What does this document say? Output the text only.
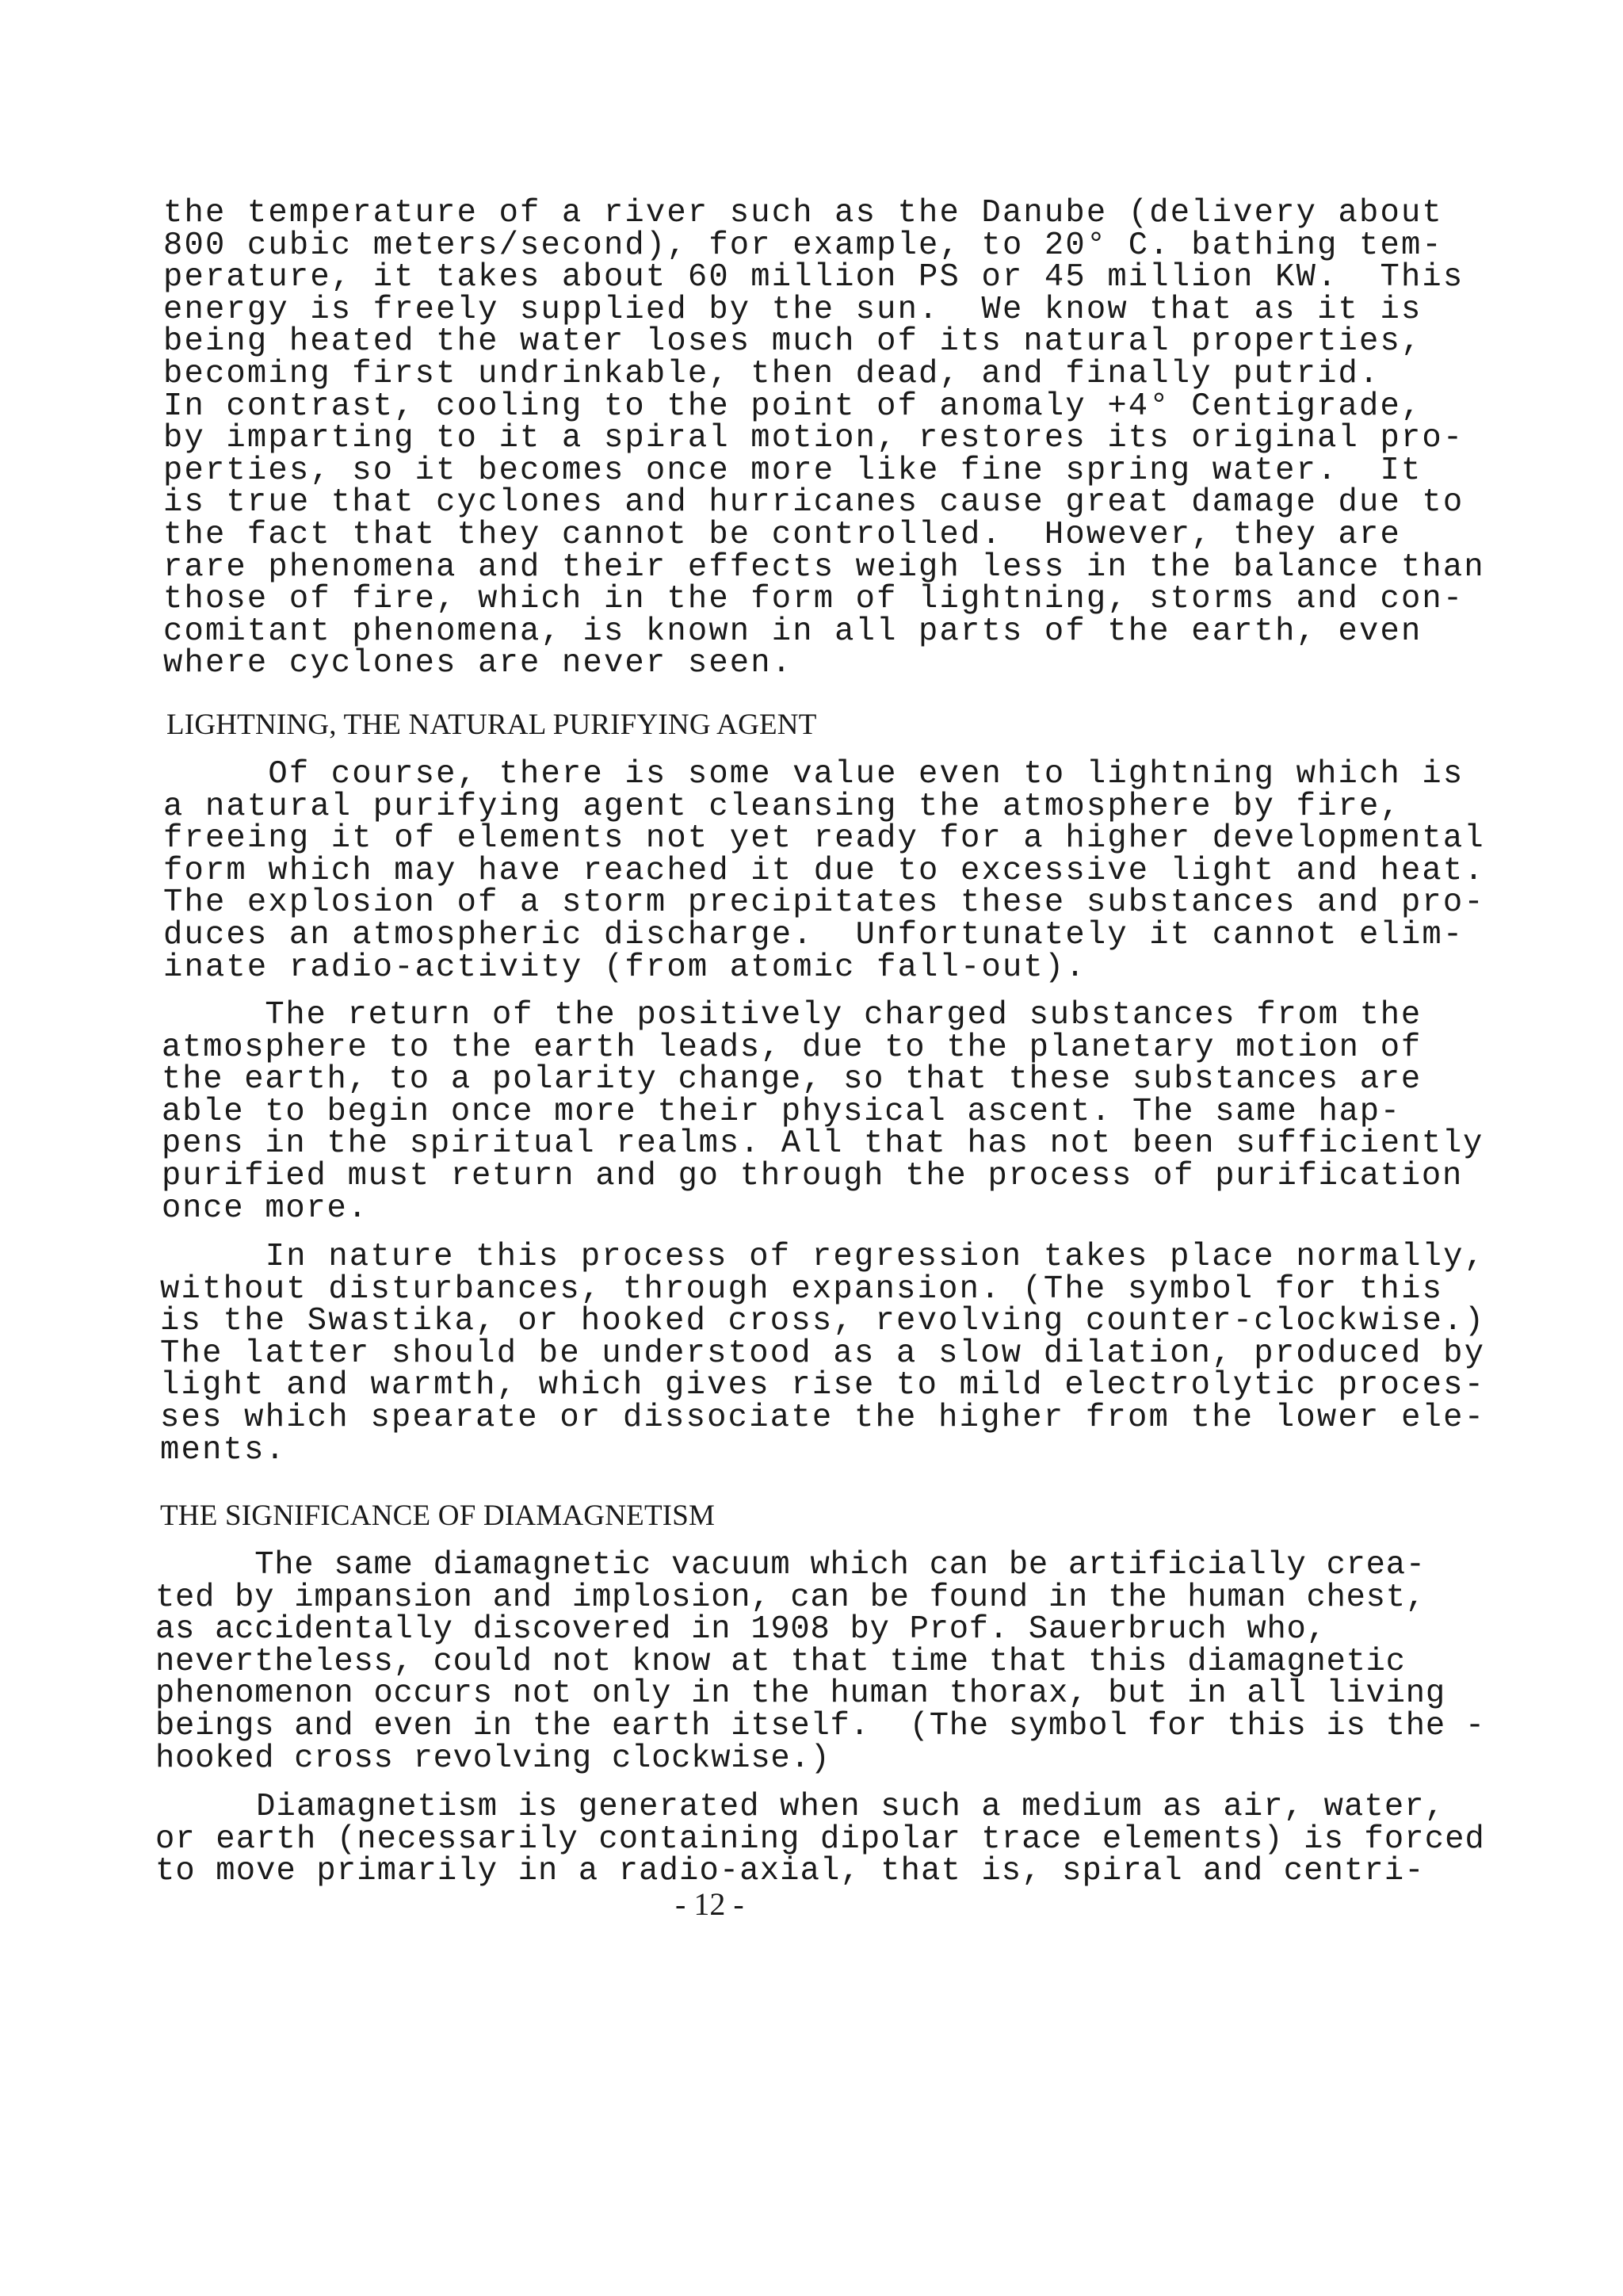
the temperature of a river such as the Danube (delivery about
800 cubic meters/second), for example, to 20° C. bathing tem-
perature, it takes about 60 million PS or 45 million KW.  This
energy is freely supplied by the sun.  We know that as it is
being heated the water loses much of its natural properties,
becoming first undrinkable, then dead, and finally putrid.
In contrast, cooling to the point of anomaly +4° Centigrade,
by imparting to it a spiral motion, restores its original pro-
perties, so it becomes once more like fine spring water.  It
is true that cyclones and hurricanes cause great damage due to
the fact that they cannot be controlled.  However, they are
rare phenomena and their effects weigh less in the balance than
those of fire, which in the form of lightning, storms and con-
comitant phenomena, is known in all parts of the earth, even
where cyclones are never seen.

LIGHTNING, THE NATURAL PURIFYING AGENT

Of course, there is some value even to lightning which is
a natural purifying agent cleansing the atmosphere by fire,
freeing it of elements not yet ready for a higher developmental
form which may have reached it due to excessive light and heat.
The explosion of a storm precipitates these substances and pro-
duces an atmospheric discharge.  Unfortunately it cannot elim-
inate radio-activity (from atomic fall-out).

The return of the positively charged substances from the
atmosphere to the earth leads, due to the planetary motion of
the earth, to a polarity change, so that these substances are
able to begin once more their physical ascent. The same hap-
pens in the spiritual realms. All that has not been sufficiently
purified must return and go through the process of purification
once more.

In nature this process of regression takes place normally,
without disturbances, through expansion. (The symbol for this
is the Swastika, or hooked cross, revolving counter-clockwise.)
The latter should be understood as a slow dilation, produced by
light and warmth, which gives rise to mild electrolytic proces-
ses which spearate or dissociate the higher from the lower ele-
ments.

THE SIGNIFICANCE OF DIAMAGNETISM

The same diamagnetic vacuum which can be artificially crea-
ted by impansion and implosion, can be found in the human chest,
as accidentally discovered in 1908 by Prof. Sauerbruch who,
nevertheless, could not know at that time that this diamagnetic
phenomenon occurs not only in the human thorax, but in all living
beings and even in the earth itself.  (The symbol for this is the -
hooked cross revolving clockwise.)

Diamagnetism is generated when such a medium as air, water,
or earth (necessarily containing dipolar trace elements) is forced
to move primarily in a radio-axial, that is, spiral and centri-

- 12 -
